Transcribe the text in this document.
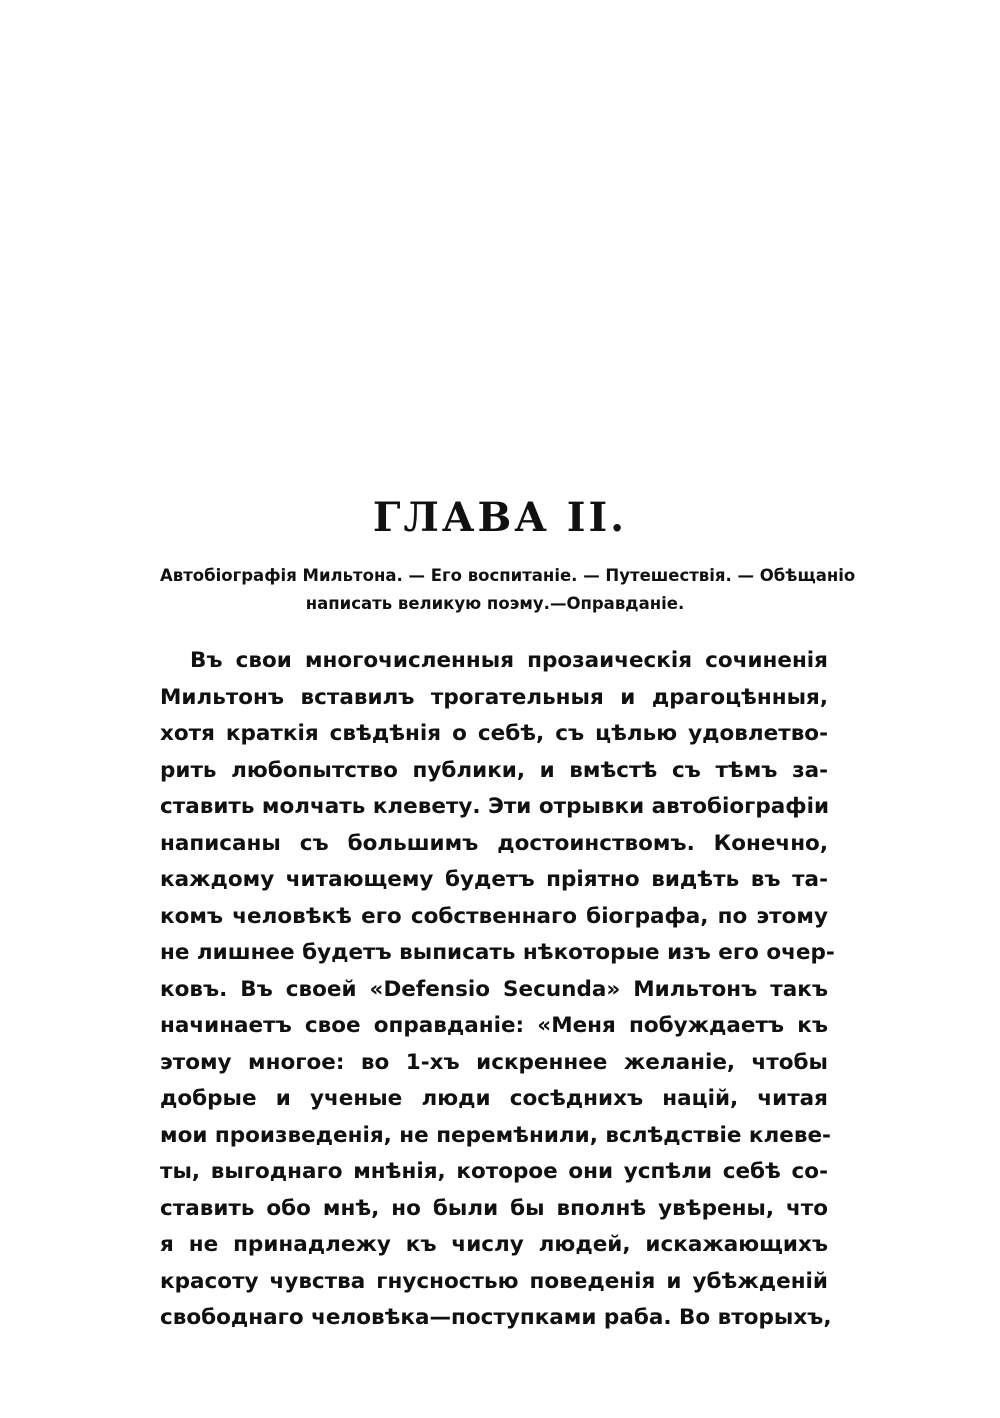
ГЛАВА II.
Автобіографія Мильтона. — Его воспитаніе. — Путешествія. — Обѣщаніо
написать великую поэму.—Оправданіе.
Въ свои многочисленныя прозаическія сочиненія
Мильтонъ вставилъ трогательныя и драгоцѣнныя,
хотя краткія свѣдѣнія о себѣ, съ цѣлью удовлетво-
рить любопытство публики, и вмѣстѣ съ тѣмъ за-
ставить молчать клевету. Эти отрывки автобіографіи
написаны съ большимъ достоинствомъ. Конечно,
каждому читающему будетъ пріятно видѣть въ та-
комъ человѣкѣ его собственнаго біографа, по этому
не лишнее будетъ выписать нѣкоторые изъ его очер-
ковъ. Въ своей «Defensio Secunda» Мильтонъ такъ
начинаетъ свое оправданіе: «Меня побуждаетъ къ
этому многое: во 1-хъ искреннее желаніе, чтобы
добрые и ученые люди сосѣднихъ націй, читая
мои произведенія, не перемѣнили, вслѣдствіе клеве-
ты, выгоднаго мнѣнія, которое они успѣли себѣ со-
ставить обо мнѣ, но были бы вполнѣ увѣрены, что
я не принадлежу къ числу людей, искажающихъ
красоту чувства гнусностью поведенія и убѣжденій
свободнаго человѣка—поступками раба. Во вторыхъ,
